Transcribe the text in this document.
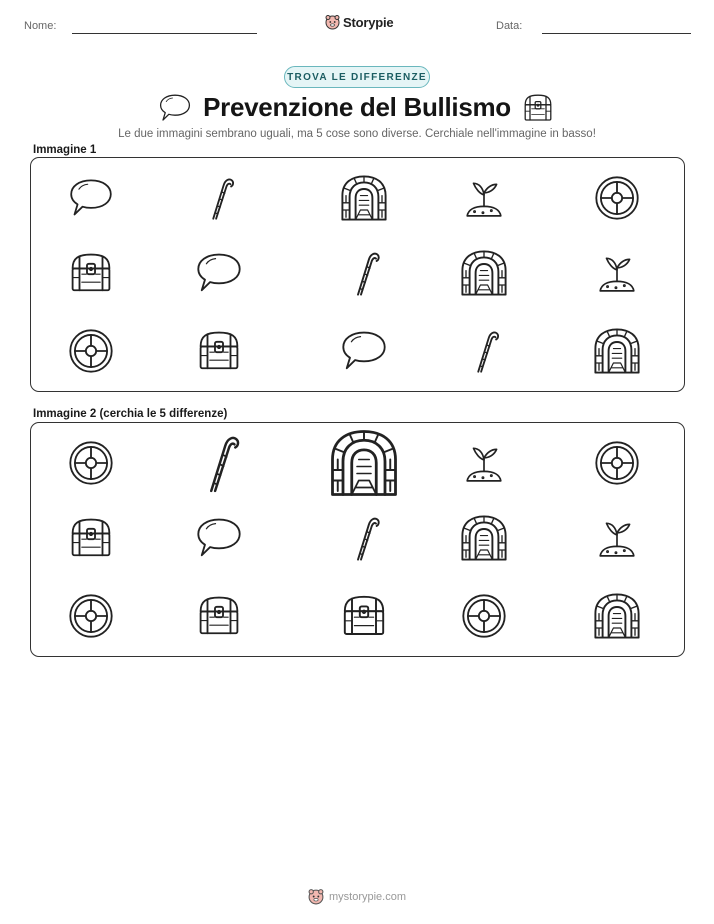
Nome:	Storypie	Data:
TROVA LE DIFFERENZE
Prevenzione del Bullismo
Le due immagini sembrano uguali, ma 5 cose sono diverse. Cerchiale nell'immagine in basso!
Immagine 1
Immagine 2 (cerchia le 5 differenze)
mystorypie.com
